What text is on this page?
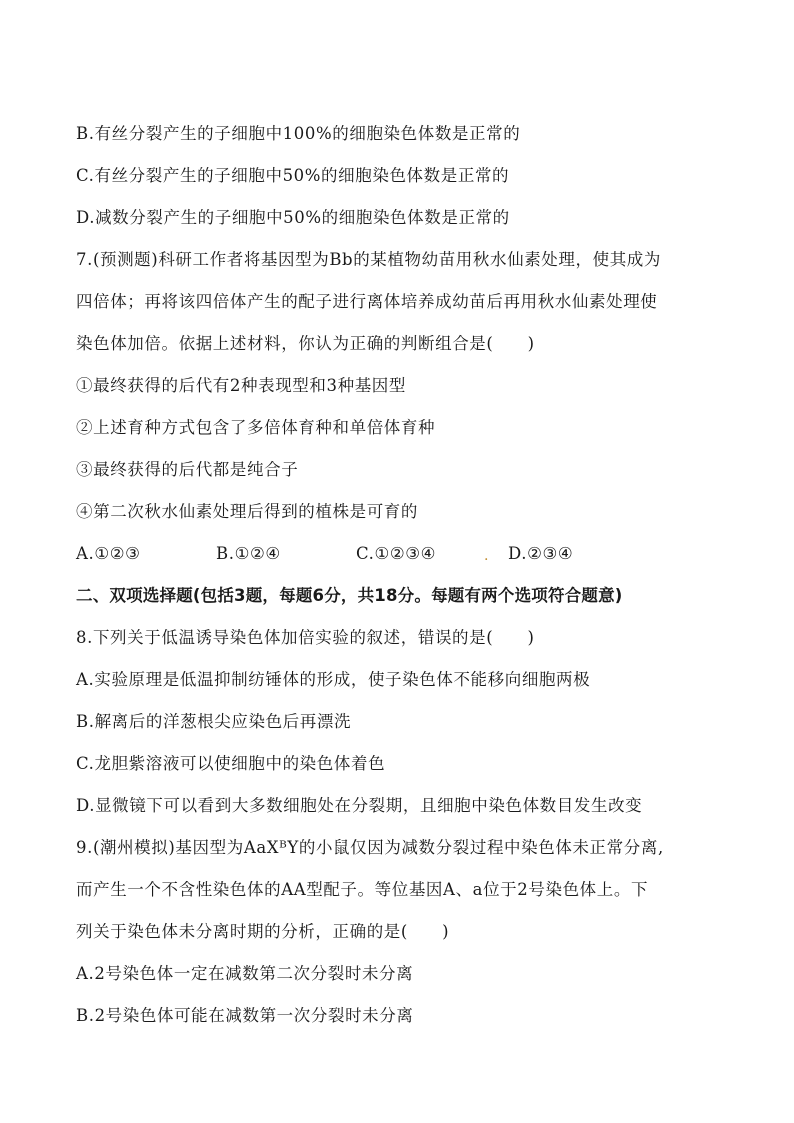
B.有丝分裂产生的子细胞中100%的细胞染色体数是正常的
C.有丝分裂产生的子细胞中50%的细胞染色体数是正常的
D.减数分裂产生的子细胞中50%的细胞染色体数是正常的
7.(预测题)科研工作者将基因型为Bb的某植物幼苗用秋水仙素处理，使其成为
四倍体；再将该四倍体产生的配子进行离体培养成幼苗后再用秋水仙素处理使
染色体加倍。依据上述材料，你认为正确的判断组合是(　　)
①最终获得的后代有2种表现型和3种基因型
②上述育种方式包含了多倍体育种和单倍体育种
③最终获得的后代都是纯合子
④第二次秋水仙素处理后得到的植株是可育的
A.①②③	B.①②④	C.①②③④	. D.②③④
二、双项选择题(包括3题，每题6分，共18分。每题有两个选项符合题意)
8.下列关于低温诱导染色体加倍实验的叙述，错误的是(　　)
A.实验原理是低温抑制纺锤体的形成，使子染色体不能移向细胞两极
B.解离后的洋葱根尖应染色后再漂洗
C.龙胆紫溶液可以使细胞中的染色体着色
D.显微镜下可以看到大多数细胞处在分裂期，且细胞中染色体数目发生改变
9.(潮州模拟)基因型为AaXᴮY的小鼠仅因为减数分裂过程中染色体未正常分离,
而产生一个不含性染色体的AA型配子。等位基因A、a位于2号染色体上。下
列关于染色体未分离时期的分析，正确的是(　　)
A.2号染色体一定在减数第二次分裂时未分离
B.2号染色体可能在减数第一次分裂时未分离
